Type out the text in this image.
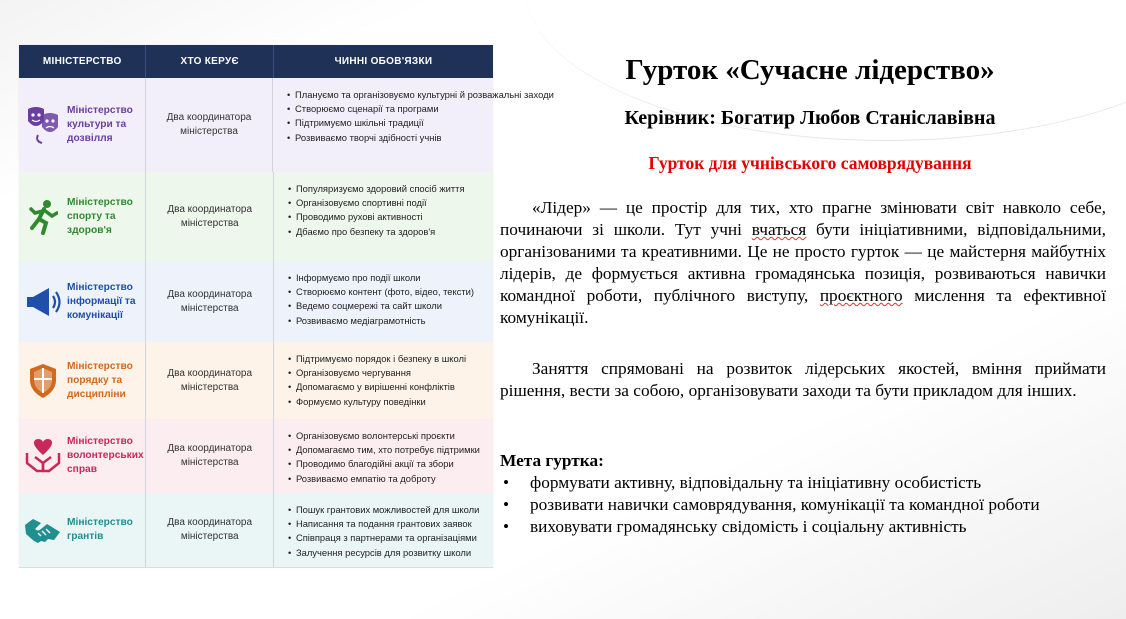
МІНІСТЕРСТВО	ХТО КЕРУЄ	ЧИННІ ОБОВ'ЯЗКИ
Міністерство культури та дозвілля
Два координатора міністерства
• Плануємо та організовуємо культурні й розважальні заходи
• Створюємо сценарії та програми
• Підтримуємо шкільні традиції
• Розвиваємо творчі здібності учнів
Міністерство спорту та здоров'я
Два координатора міністерства
• Популяризуємо здоровий спосіб життя
• Організовуємо спортивні події
• Проводимо рухові активності
• Дбаємо про безпеку та здоров'я
Міністерство інформації та комунікації
Два координатора міністерства
• Інформуємо про події школи
• Створюємо контент (фото, відео, тексти)
• Ведемо соцмережі та сайт школи
• Розвиваємо медіаграмотність
Міністерство порядку та дисципліни
Два координатора міністерства
• Підтримуємо порядок і безпеку в школі
• Організовуємо чергування
• Допомагаємо у вирішенні конфліктів
• Формуємо культуру поведінки
Міністерство волонтерських справ
Два координатора міністерства
• Організовуємо волонтерські проєкти
• Допомагаємо тим, хто потребує підтримки
• Проводимо благодійні акції та збори
• Розвиваємо емпатію та доброту
Міністерство грантів
Два координатора міністерства
• Пошук грантових можливостей для школи
• Написання та подання грантових заявок
• Співпраця з партнерами та організаціями
• Залучення ресурсів для розвитку школи
Гурток «Сучасне лідерство»
Керівник: Богатир Любов Станіславівна
Гурток для учнівського самоврядування

«Лідер» — це простір для тих, хто прагне змінювати світ навколо себе, починаючи зі школи. Тут учні вчаться бути ініціативними, відповідальними, організованими та креативними. Це не просто гурток — це майстерня майбутніх лідерів, де формується активна громадянська позиція, розвиваються навички командної роботи, публічного виступу, проєктного мислення та ефективної комунікації.

Заняття спрямовані на розвиток лідерських якостей, вміння приймати рішення, вести за собою, організовувати заходи та бути прикладом для інших.

Мета гуртка:
• формувати активну, відповідальну та ініціативну особистість
• розвивати навички самоврядування, комунікації та командної роботи
• виховувати громадянську свідомість і соціальну активність
